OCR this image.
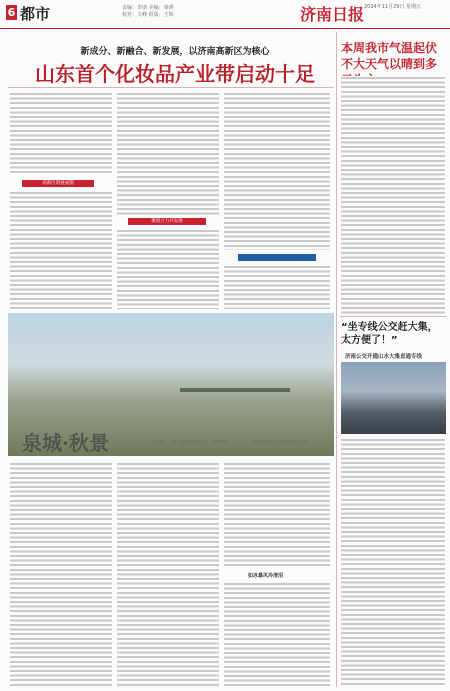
6 都市	责编：李朋 美编：秦瑛
校对：文峰 组版：王辉	济南日报 2024年11月29日 星期五
新成分、新融合、新发展，以济南高新区为核心
山东首个化妆品产业带启动十足
高新区筑链成圈
聚链合力共发展
本周我市气温起伏不大天气以晴到多
“坐专线公交赶大集，太方便了！”
济南公交开通山水大集直通专线
泉城·秋景	11月18日，济南大明湖景区秋意正浓，金黄的银杏……	……秋韵美景吸引不少市民前来打卡游玩。
如冰暴风冷清泪
